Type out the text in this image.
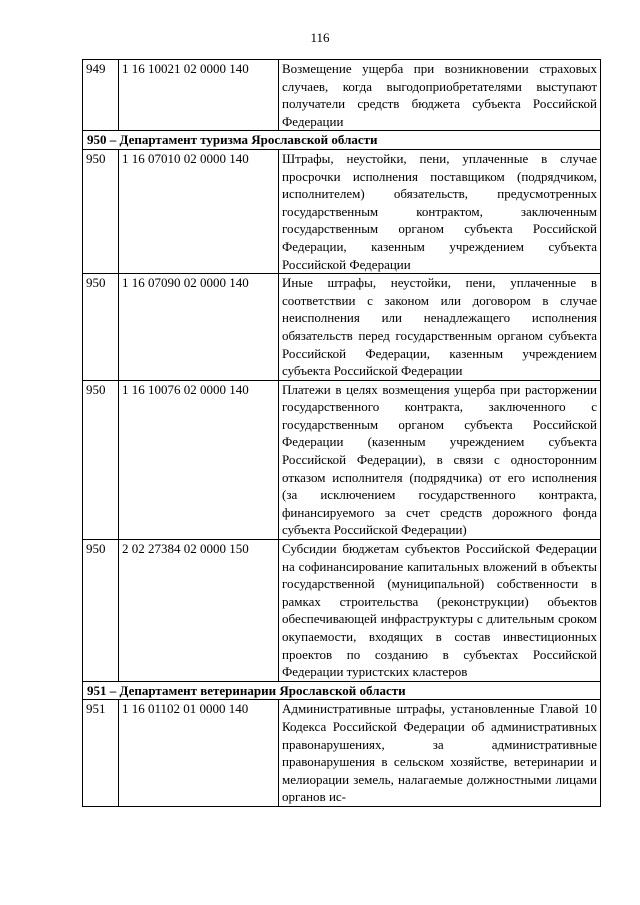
116
949	1 16 10021 02 0000 140	Возмещение ущерба при возникновении страховых случаев, когда выгодоприобретателями выступают получатели средств бюджета субъекта Российской Федерации
950 – Департамент туризма Ярославской области		
950	1 16 07010 02 0000 140	Штрафы, неустойки, пени, уплаченные в случае просрочки исполнения поставщиком (подрядчиком, исполнителем) обязательств, предусмотренных государственным контрактом, заключенным государственным органом субъекта Российской Федерации, казенным учреждением субъекта Российской Федерации
950	1 16 07090 02 0000 140	Иные штрафы, неустойки, пени, уплаченные в соответствии с законом или договором в случае неисполнения или ненадлежащего исполнения обязательств перед государственным органом субъекта Российской Федерации, казенным учреждением субъекта Российской Федерации
950	1 16 10076 02 0000 140	Платежи в целях возмещения ущерба при расторжении государственного контракта, заключенного с государственным органом субъекта Российской Федерации (казенным учреждением субъекта Российской Федерации), в связи с односторонним отказом исполнителя (подрядчика) от его исполнения (за исключением государственного контракта, финансируемого за счет средств дорожного фонда субъекта Российской Федерации)
950	2 02 27384 02 0000 150	Субсидии бюджетам субъектов Российской Федерации на софинансирование капитальных вложений в объекты государственной (муниципальной) собственности в рамках строительства (реконструкции) объектов обеспечивающей инфраструктуры с длительным сроком окупаемости, входящих в состав инвестиционных проектов по созданию в субъектах Российской Федерации туристских кластеров
951 – Департамент ветеринарии Ярославской области		
951	1 16 01102 01 0000 140	Административные штрафы, установленные Главой 10 Кодекса Российской Федерации об административных правонарушениях, за административные правонарушения в сельском хозяйстве, ветеринарии и мелиорации земель, налагаемые должностными лицами органов ис-
